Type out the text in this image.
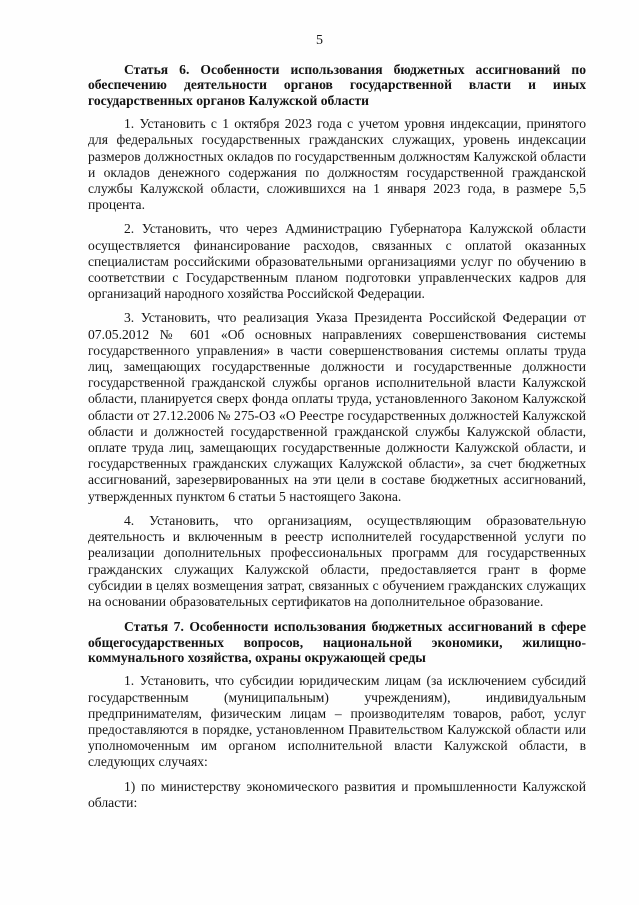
5

Статья 6. Особенности использования бюджетных ассигнований по обеспечению деятельности органов государственной власти и иных государственных органов Калужской области

1. Установить с 1 октября 2023 года с учетом уровня индексации, принятого для федеральных государственных гражданских служащих, уровень индексации размеров должностных окладов по государственным должностям Калужской области и окладов денежного содержания по должностям государственной гражданской службы Калужской области, сложившихся на 1 января 2023 года, в размере 5,5 процента.

2. Установить, что через Администрацию Губернатора Калужской области осуществляется финансирование расходов, связанных с оплатой оказанных специалистам российскими образовательными организациями услуг по обучению в соответствии с Государственным планом подготовки управленческих кадров для организаций народного хозяйства Российской Федерации.

3. Установить, что реализация Указа Президента Российской Федерации от 07.05.2012 № 601 «Об основных направлениях совершенствования системы государственного управления» в части совершенствования системы оплаты труда лиц, замещающих государственные должности и государственные должности государственной гражданской службы органов исполнительной власти Калужской области, планируется сверх фонда оплаты труда, установленного Законом Калужской области от 27.12.2006 № 275-ОЗ «О Реестре государственных должностей Калужской области и должностей государственной гражданской службы Калужской области, оплате труда лиц, замещающих государственные должности Калужской области, и государственных гражданских служащих Калужской области», за счет бюджетных ассигнований, зарезервированных на эти цели в составе бюджетных ассигнований, утвержденных пунктом 6 статьи 5 настоящего Закона.

4. Установить, что организациям, осуществляющим образовательную деятельность и включенным в реестр исполнителей государственной услуги по реализации дополнительных профессиональных программ для государственных гражданских служащих Калужской области, предоставляется грант в форме субсидии в целях возмещения затрат, связанных с обучением гражданских служащих на основании образовательных сертификатов на дополнительное образование.

Статья 7. Особенности использования бюджетных ассигнований в сфере общегосударственных вопросов, национальной экономики, жилищно-коммунального хозяйства, охраны окружающей среды

1. Установить, что субсидии юридическим лицам (за исключением субсидий государственным (муниципальным) учреждениям), индивидуальным предпринимателям, физическим лицам – производителям товаров, работ, услуг предоставляются в порядке, установленном Правительством Калужской области или уполномоченным им органом исполнительной власти Калужской области, в следующих случаях:

1) по министерству экономического развития и промышленности Калужской области:
